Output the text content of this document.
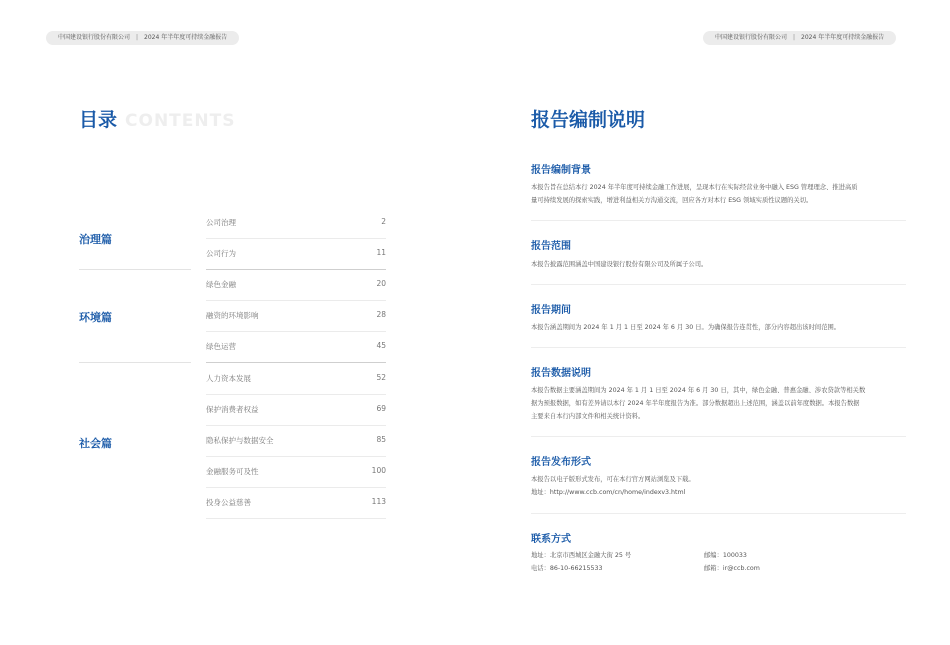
中国建设银行股份有限公司 | 2024 年半年度可持续金融报告	中国建设银行股份有限公司 | 2024 年半年度可持续金融报告
目录 CONTENTS
治理篇
环境篇
社会篇
公司治理	2
公司行为	11
绿色金融	20
融资的环境影响	28
绿色运营	45
人力资本发展	52
保护消费者权益	69
隐私保护与数据安全	85
金融服务可及性	100
投身公益慈善	113
报告编制说明
报告编制背景
本报告旨在总结本行 2024 年半年度可持续金融工作进展，呈现本行在实际经营业务中融入 ESG 管理理念、推进高质
量可持续发展的探索实践，增进利益相关方沟通交流，回应各方对本行 ESG 领域实质性议题的关切。
报告范围
本报告披露范围涵盖中国建设银行股份有限公司及所属子公司。
报告期间
本报告涵盖期间为 2024 年 1 月 1 日至 2024 年 6 月 30 日。为确保报告连贯性，部分内容超出该时间范围。
报告数据说明
本报告数据主要涵盖期间为 2024 年 1 月 1 日至 2024 年 6 月 30 日，其中，绿色金融、普惠金融、涉农贷款等相关数
据为预报数据，如有差异请以本行 2024 年半年度报告为准。部分数据超出上述范围，涵盖以前年度数据。本报告数据
主要来自本行内部文件和相关统计资料。
报告发布形式
本报告以电子版形式发布，可在本行官方网站浏览及下载。
地址：http://www.ccb.com/cn/home/indexv3.html
联系方式
地址：北京市西城区金融大街 25 号
电话：86-10-66215533
邮编：100033
邮箱：ir@ccb.com
